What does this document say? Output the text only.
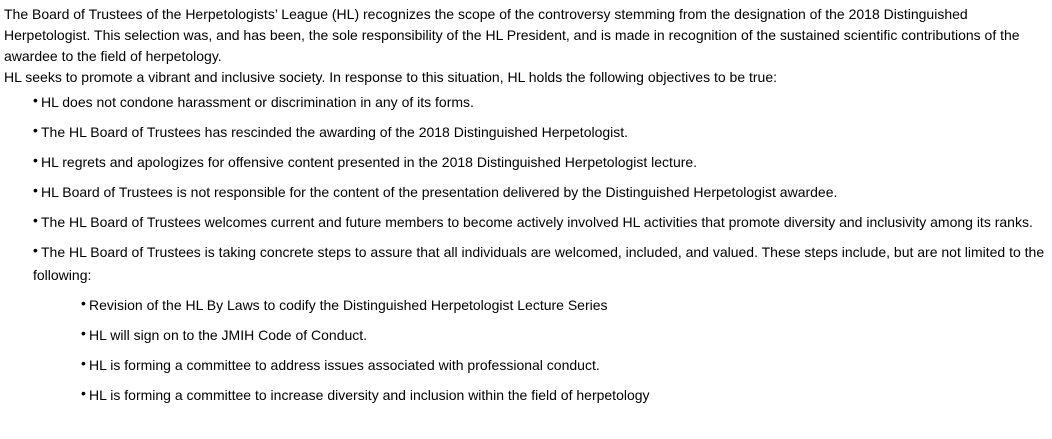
The Board of Trustees of the Herpetologists’ League (HL) recognizes the scope of the controversy stemming from the designation of the 2018 Distinguished Herpetologist. This selection was, and has been, the sole responsibility of the HL President, and is made in recognition of the sustained scientific contributions of the awardee to the field of herpetology.

HL seeks to promote a vibrant and inclusive society. In response to this situation, HL holds the following objectives to be true:

• HL does not condone harassment or discrimination in any of its forms.
• The HL Board of Trustees has rescinded the awarding of the 2018 Distinguished Herpetologist.
• HL regrets and apologizes for offensive content presented in the 2018 Distinguished Herpetologist lecture.
• HL Board of Trustees is not responsible for the content of the presentation delivered by the Distinguished Herpetologist awardee.
• The HL Board of Trustees welcomes current and future members to become actively involved HL activities that promote diversity and inclusivity among its ranks.
• The HL Board of Trustees is taking concrete steps to assure that all individuals are welcomed, included, and valued. These steps include, but are not limited to the following:
• Revision of the HL By Laws to codify the Distinguished Herpetologist Lecture Series
• HL will sign on to the JMIH Code of Conduct.
• HL is forming a committee to address issues associated with professional conduct.
• HL is forming a committee to increase diversity and inclusion within the field of herpetology
